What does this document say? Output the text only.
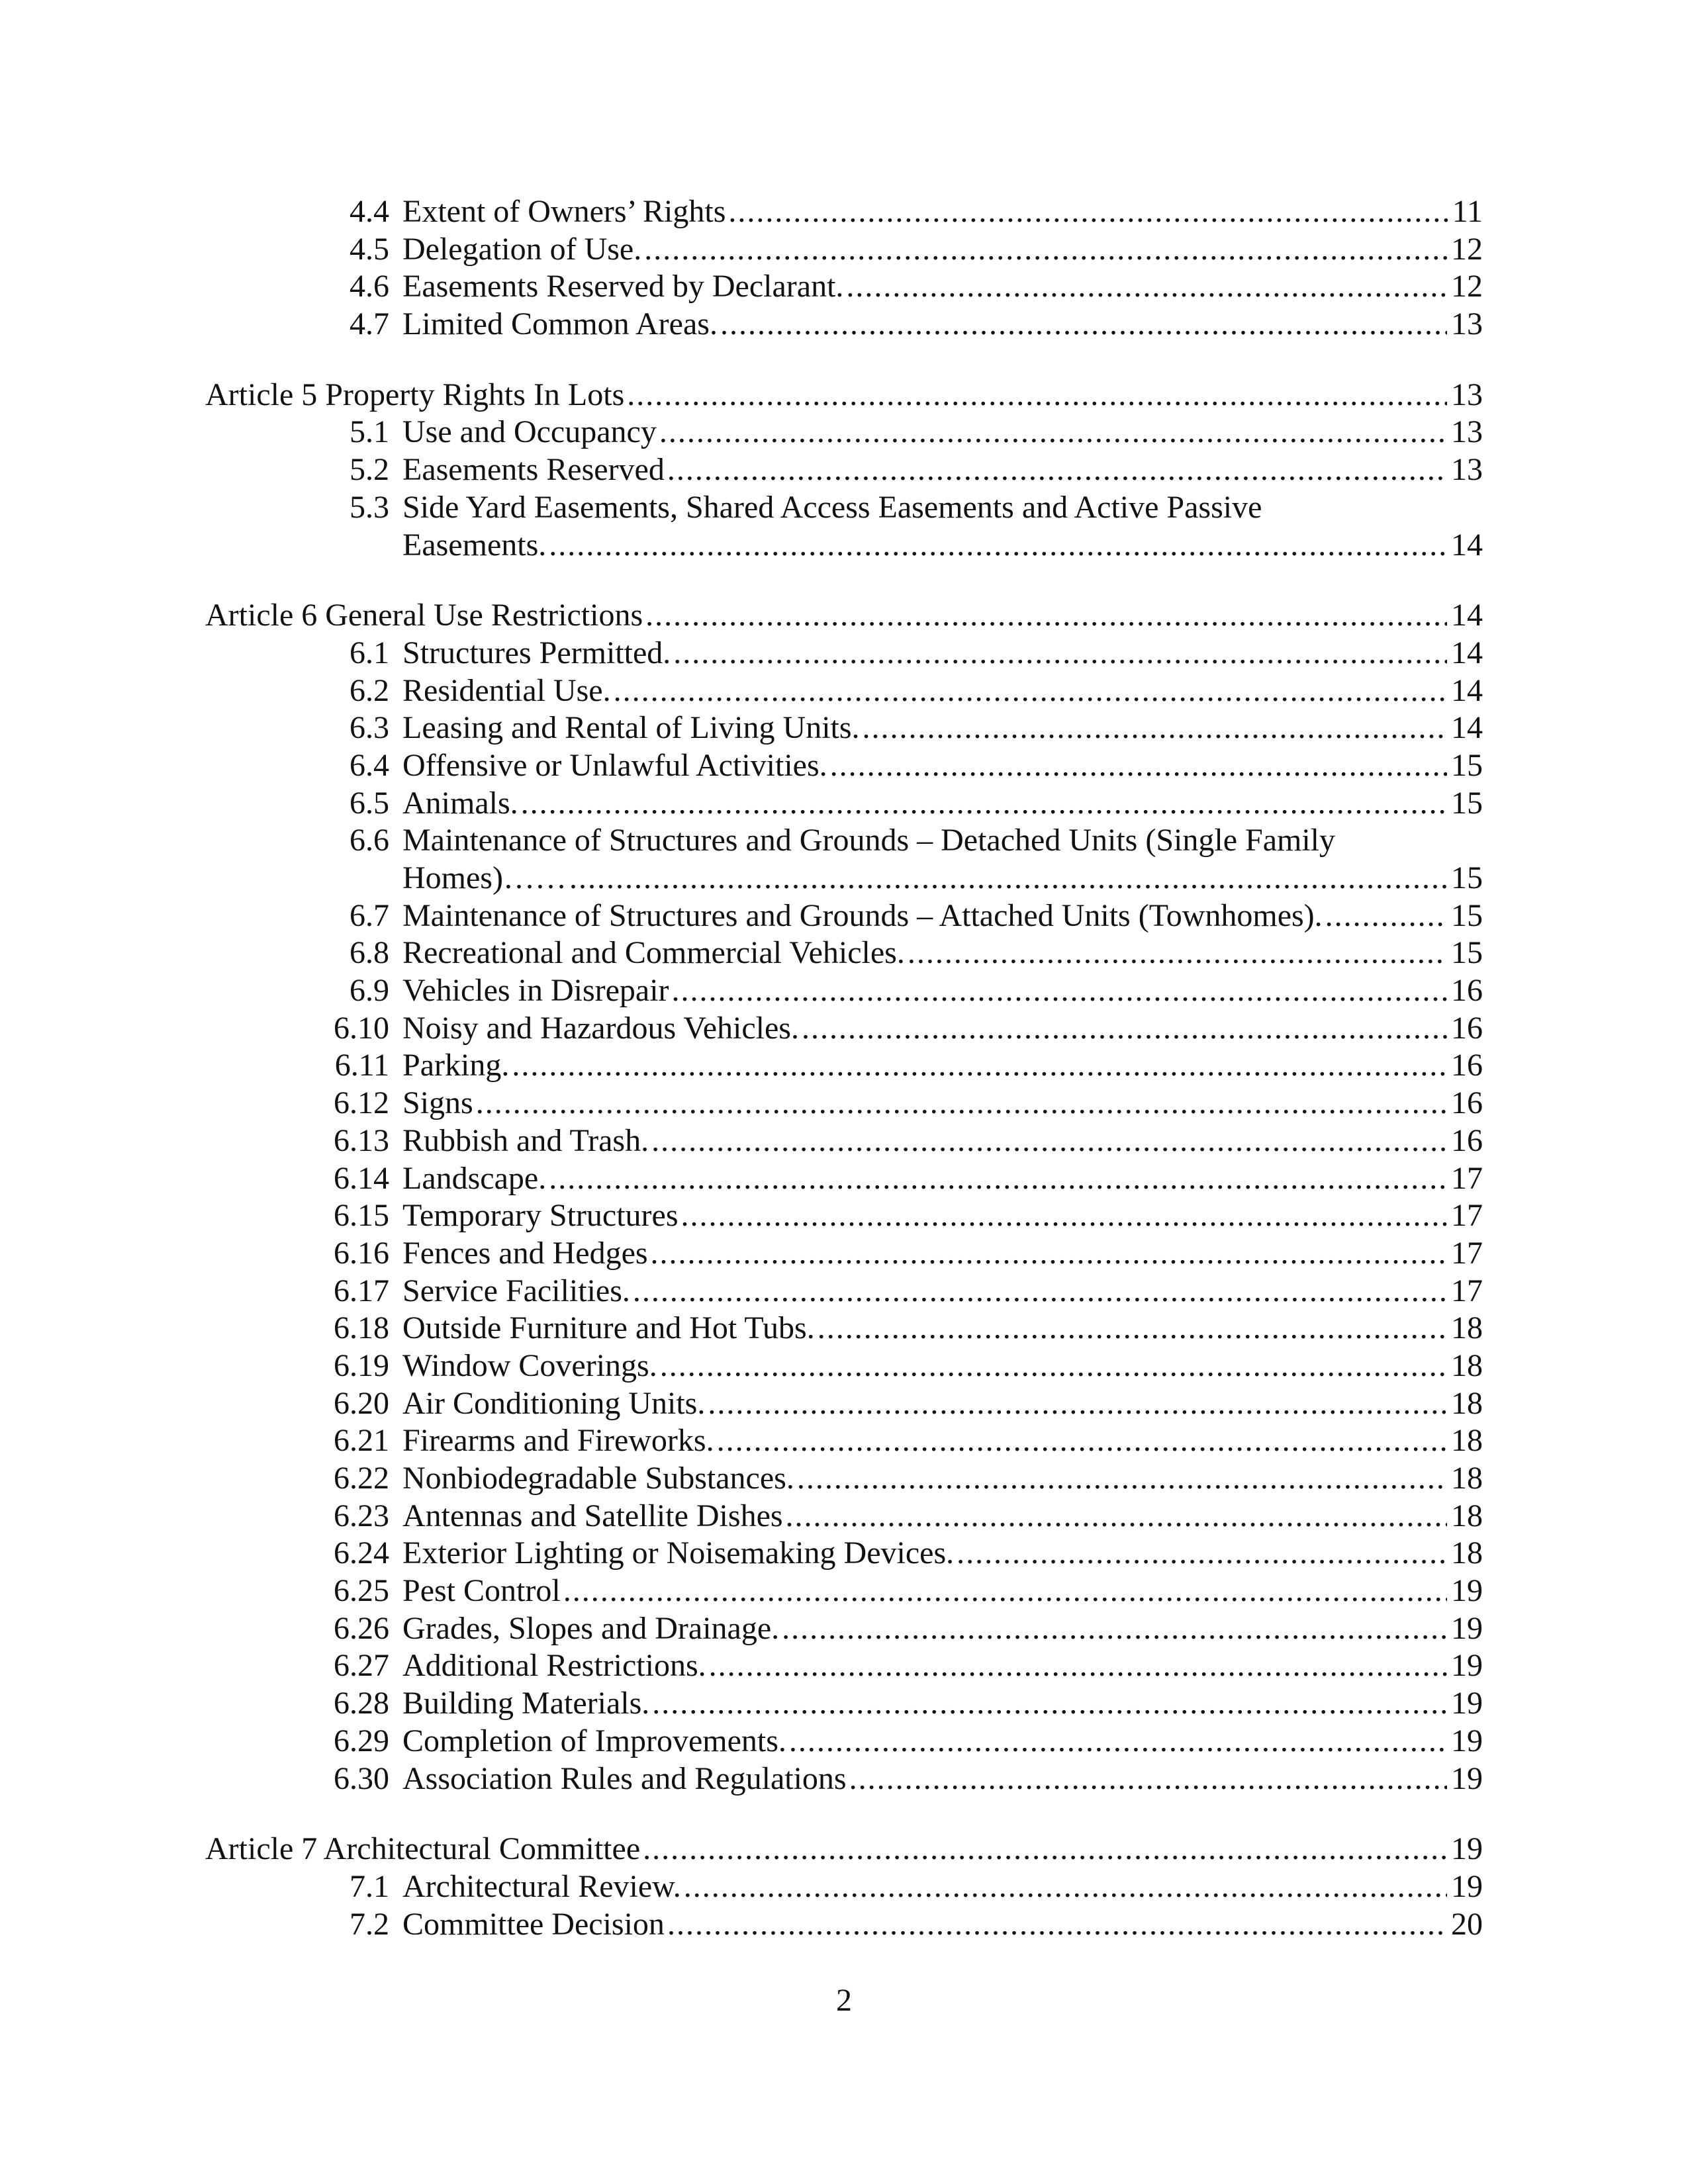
4.4 Extent of Owners’ Rights .....	11
4.5 Delegation of Use. .....	12
4.6 Easements Reserved by Declarant. .....	12
4.7 Limited Common Areas. .....	13
Article 5 Property Rights In Lots .....	13
5.1 Use and Occupancy .....	13
5.2 Easements Reserved .....	13
5.3 Side Yard Easements, Shared Access Easements and Active Passive
Easements. .....	14
Article 6 General Use Restrictions .....	14
6.1 Structures Permitted. .....	14
6.2 Residential Use. .....	14
6.3 Leasing and Rental of Living Units. .....	14
6.4 Offensive or Unlawful Activities. .....	15
6.5 Animals. .....	15
6.6 Maintenance of Structures and Grounds – Detached Units (Single Family
Homes)…… .....	15
6.7 Maintenance of Structures and Grounds – Attached Units (Townhomes). .....	15
6.8 Recreational and Commercial Vehicles. .....	15
6.9 Vehicles in Disrepair .....	16
6.10 Noisy and Hazardous Vehicles. .....	16
6.11 Parking. .....	16
6.12 Signs .....	16
6.13 Rubbish and Trash. .....	16
6.14 Landscape. .....	17
6.15 Temporary Structures .....	17
6.16 Fences and Hedges .....	17
6.17 Service Facilities. .....	17
6.18 Outside Furniture and Hot Tubs. .....	18
6.19 Window Coverings. .....	18
6.20 Air Conditioning Units. .....	18
6.21 Firearms and Fireworks. .....	18
6.22 Nonbiodegradable Substances. .....	18
6.23 Antennas and Satellite Dishes .....	18
6.24 Exterior Lighting or Noisemaking Devices. .....	18
6.25 Pest Control .....	19
6.26 Grades, Slopes and Drainage. .....	19
6.27 Additional Restrictions. .....	19
6.28 Building Materials. .....	19
6.29 Completion of Improvements. .....	19
6.30 Association Rules and Regulations .....	19
Article 7 Architectural Committee .....	19
7.1 Architectural Review. .....	19
7.2 Committee Decision .....	20
2
